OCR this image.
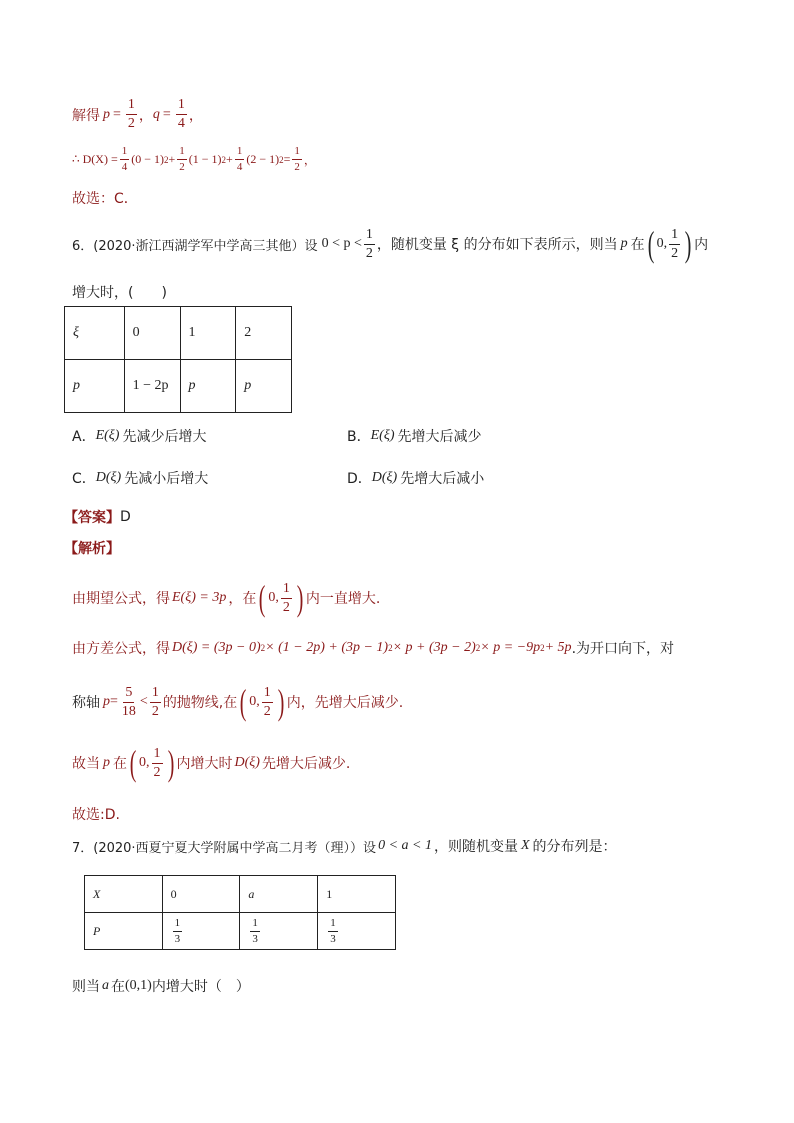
解得 $p = \frac{1}{2}$ ， $q = \frac{1}{4}$ ，
∴ $D(X) = \frac{1}{4} (0 - 1) 2 + \frac{1}{2} (1 - 1) 2 + \frac{1}{4} (2 - 1) 2 = \frac{1}{2}$ ，
故选：C．
6．(2020·浙江西湖学军中学高三其他）设 $0 < p < \frac{1}{2}$ ，随机变量 ξ 的分布如下表所示，则当 p 在 ( 0, $\frac{1}{2}$ ) 内
增大时，(　　)
ξ	0	1	2
p	1 − 2p	p	p
A． E(ξ) 先减少后增大	B． E(ξ) 先增大后减少
C． D(ξ) 先减小后增大	D． D(ξ) 先增大后减小
【答案】 D
【解析】
由期望公式，得 E(ξ) = 3p ，在 ( 0, $\frac{1}{2}$ ) 内一直增大.
由方差公式，得 D(ξ) = (3p − 0) 2 × (1 − 2p) + (3p − 1) 2 × p + (3p − 2) 2 × p = −9p 2 + 5p .为开口向下，对
称轴 $p = \frac{5}{18} < \frac{1}{2}$ 的抛物线,在 ( 0, $\frac{1}{2}$ ) 内，先增大后减少.
故当 p 在 ( 0, $\frac{1}{2}$ ) 内增大时 D(ξ) 先增大后减少.
故选:D.
7．(2020·西夏宁夏大学附属中学高二月考（理））设 0 < a < 1 ，则随机变量 X 的分布列是：
X	0	a	1
P	$\frac{1}{3}$	$\frac{1}{3}$	$\frac{1}{3}$
则当 a 在 (0,1) 内增大时（　）
